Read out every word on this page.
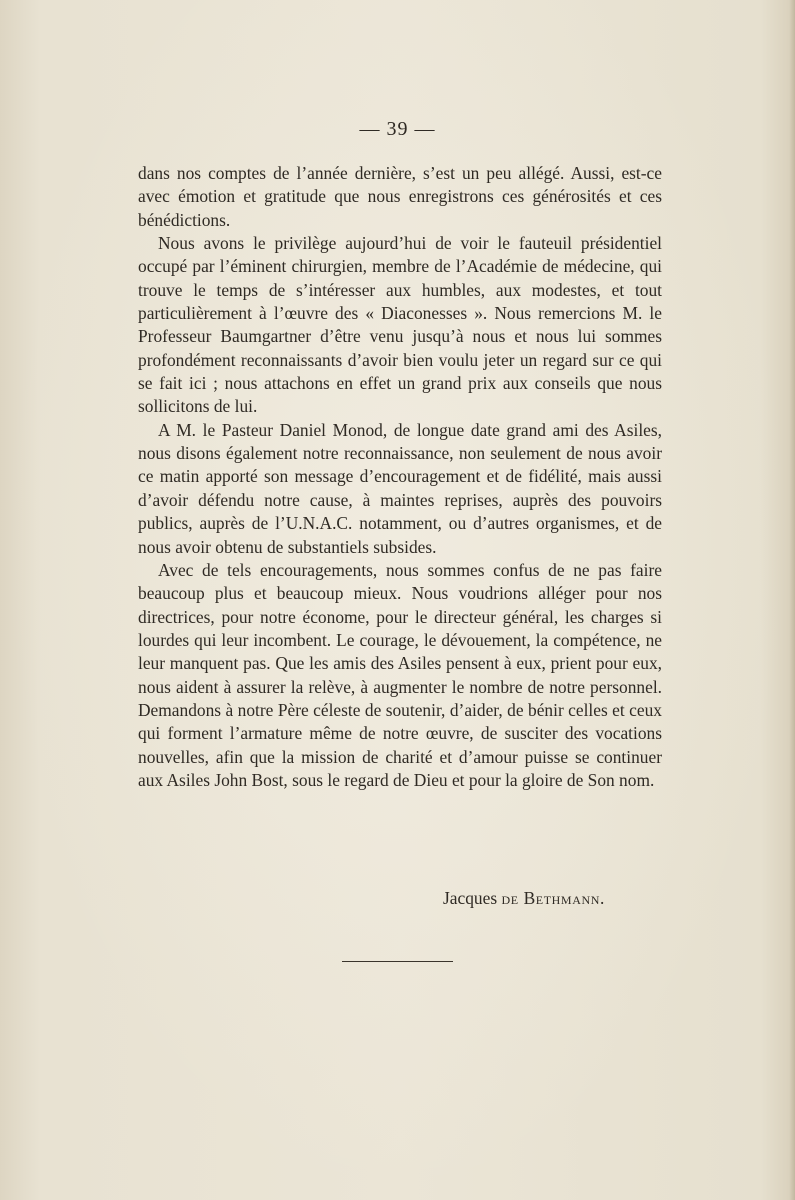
— 39 —

dans nos comptes de l’année dernière, s’est un peu allégé. Aussi, est-ce avec émotion et gratitude que nous enregistrons ces générosités et ces bénédictions.

Nous avons le privilège aujourd’hui de voir le fauteuil présidentiel occupé par l’éminent chirurgien, membre de l’Académie de médecine, qui trouve le temps de s’intéresser aux humbles, aux modestes, et tout particulièrement à l’œuvre des « Diaconesses ». Nous remercions M. le Professeur Baumgartner d’être venu jusqu’à nous et nous lui sommes profondément reconnaissants d’avoir bien voulu jeter un regard sur ce qui se fait ici ; nous attachons en effet un grand prix aux conseils que nous sollicitons de lui.

A M. le Pasteur Daniel Monod, de longue date grand ami des Asiles, nous disons également notre reconnaissance, non seulement de nous avoir ce matin apporté son message d’encouragement et de fidélité, mais aussi d’avoir défendu notre cause, à maintes reprises, auprès des pouvoirs publics, auprès de l’U.N.A.C. notamment, ou d’autres organismes, et de nous avoir obtenu de substantiels subsides.

Avec de tels encouragements, nous sommes confus de ne pas faire beaucoup plus et beaucoup mieux. Nous voudrions alléger pour nos directrices, pour notre économe, pour le directeur général, les charges si lourdes qui leur incombent. Le courage, le dévouement, la compétence, ne leur manquent pas. Que les amis des Asiles pensent à eux, prient pour eux, nous aident à assurer la relève, à augmenter le nombre de notre personnel. Demandons à notre Père céleste de soutenir, d’aider, de bénir celles et ceux qui forment l’armature même de notre œuvre, de susciter des vocations nouvelles, afin que la mission de charité et d’amour puisse se continuer aux Asiles John Bost, sous le regard de Dieu et pour la gloire de Son nom.

Jacques de Bethmann.
